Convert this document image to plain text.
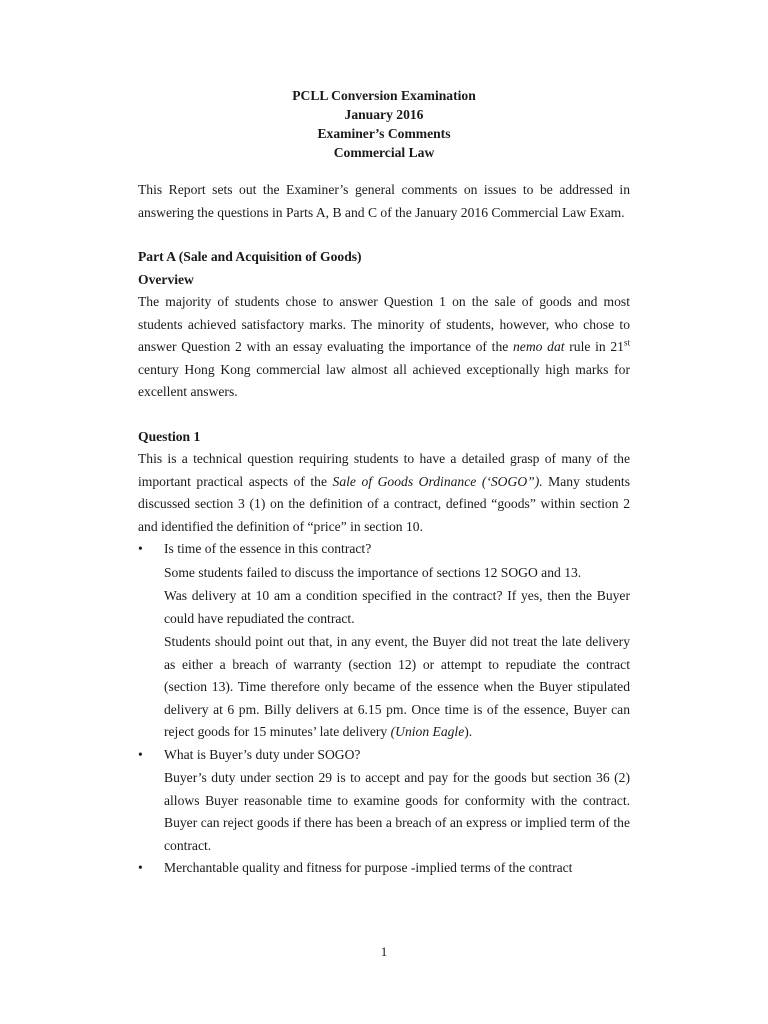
PCLL Conversion Examination
January 2016
Examiner’s Comments
Commercial Law

This Report sets out the Examiner’s general comments on issues to be addressed in answering the questions in Parts A, B and C of the January 2016 Commercial Law Exam.

Part A (Sale and Acquisition of Goods)
Overview

The majority of students chose to answer Question 1 on the sale of goods and most students achieved satisfactory marks. The minority of students, however, who chose to answer Question 2 with an essay evaluating the importance of the nemo dat rule in 21st century Hong Kong commercial law almost all achieved exceptionally high marks for excellent answers.

Question 1

This is a technical question requiring students to have a detailed grasp of many of the important practical aspects of the Sale of Goods Ordinance (‘SOGO”). Many students discussed section 3 (1) on the definition of a contract, defined “goods” within section 2 and identified the definition of “price” in section 10.

•	Is time of the essence in this contract?
Some students failed to discuss the importance of sections 12 SOGO and 13.
Was delivery at 10 am a condition specified in the contract? If yes, then the Buyer could have repudiated the contract.
Students should point out that, in any event, the Buyer did not treat the late delivery as either a breach of warranty (section 12) or attempt to repudiate the contract (section 13). Time therefore only became of the essence when the Buyer stipulated delivery at 6 pm. Billy delivers at 6.15 pm. Once time is of the essence, Buyer can reject goods for 15 minutes’ late delivery (Union Eagle).
•	What is Buyer’s duty under SOGO?
Buyer’s duty under section 29 is to accept and pay for the goods but section 36 (2) allows Buyer reasonable time to examine goods for conformity with the contract. Buyer can reject goods if there has been a breach of an express or implied term of the contract.
•	Merchantable quality and fitness for purpose -implied terms of the contract
1
